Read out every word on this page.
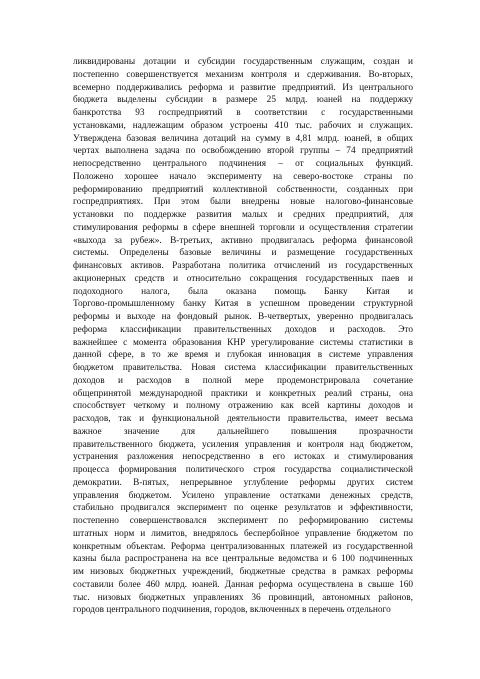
ликвидированы дотации и субсидии государственным служащим, создан и
постепенно совершенствуется механизм контроля и сдерживания. Во-вторых,
всемерно поддерживались реформа и развитие предприятий. Из центрального
бюджета выделены субсидии в размере 25 млрд. юаней на поддержку
банкротства 93 госпредприятий в соответствии с государственными
установками, надлежащим образом устроены 410 тыс. рабочих и служащих.
Утверждена базовая величина дотаций на сумму в 4,81 млрд. юаней, в общих
чертах выполнена задача по освобождению второй группы – 74 предприятий
непосредственно центрального подчинения – от социальных функций.
Положено хорошее начало эксперименту на северо-востоке страны по
реформированию предприятий коллективной собственности, созданных при
госпредприятиях. При этом были внедрены новые налогово-финансовые
установки по поддержке развития малых и средних предприятий, для
стимулирования реформы в сфере внешней торговли и осуществления стратегии
«выхода за рубеж». В-третьих, активно продвигалась реформа финансовой
системы. Определены базовые величины и размещение государственных
финансовых активов. Разработана политика отчислений из государственных
акционерных средств и относительно сокращения государственных паев и
подоходного налога, была оказана помощь Банку Китая и
Торгово-промышленному банку Китая в успешном проведении структурной
реформы и выходе на фондовый рынок. В-четвертых, уверенно продвигалась
реформа классификации правительственных доходов и расходов. Это
важнейшее с момента образования КНР урегулирование системы статистики в
данной сфере, в то же время и глубокая инновация в системе управления
бюджетом правительства. Новая система классификации правительственных
доходов и расходов в полной мере продемонстрировала сочетание
общепринятой международной практики и конкретных реалий страны, она
способствует четкому и полному отражению как всей картины доходов и
расходов, так и функциональной деятельности правительства, имеет весьма
важное значение для дальнейшего повышения прозрачности
правительственного бюджета, усиления управления и контроля над бюджетом,
устранения разложения непосредственно в его истоках и стимулирования
процесса формирования политического строя государства социалистической
демократии. В-пятых, непрерывное углубление реформы других систем
управления бюджетом. Усилено управление остатками денежных средств,
стабильно продвигался эксперимент по оценке результатов и эффективности,
постепенно совершенствовался эксперимент по реформированию системы
штатных норм и лимитов, внедрялось беспербойное управление бюджетом по
конкретным объектам. Реформа централизованных платежей из государственной
казны была распространена на все центральные ведомства и 6 100 подчиненных
им низовых бюджетных учреждений, бюджетные средства в рамках реформы
составили более 460 млрд. юаней. Данная реформа осуществлена в свыше 160
тыс. низовых бюджетных управлениях 36 провинций, автономных районов,
городов центрального подчинения, городов, включенных в перечень отдельного
